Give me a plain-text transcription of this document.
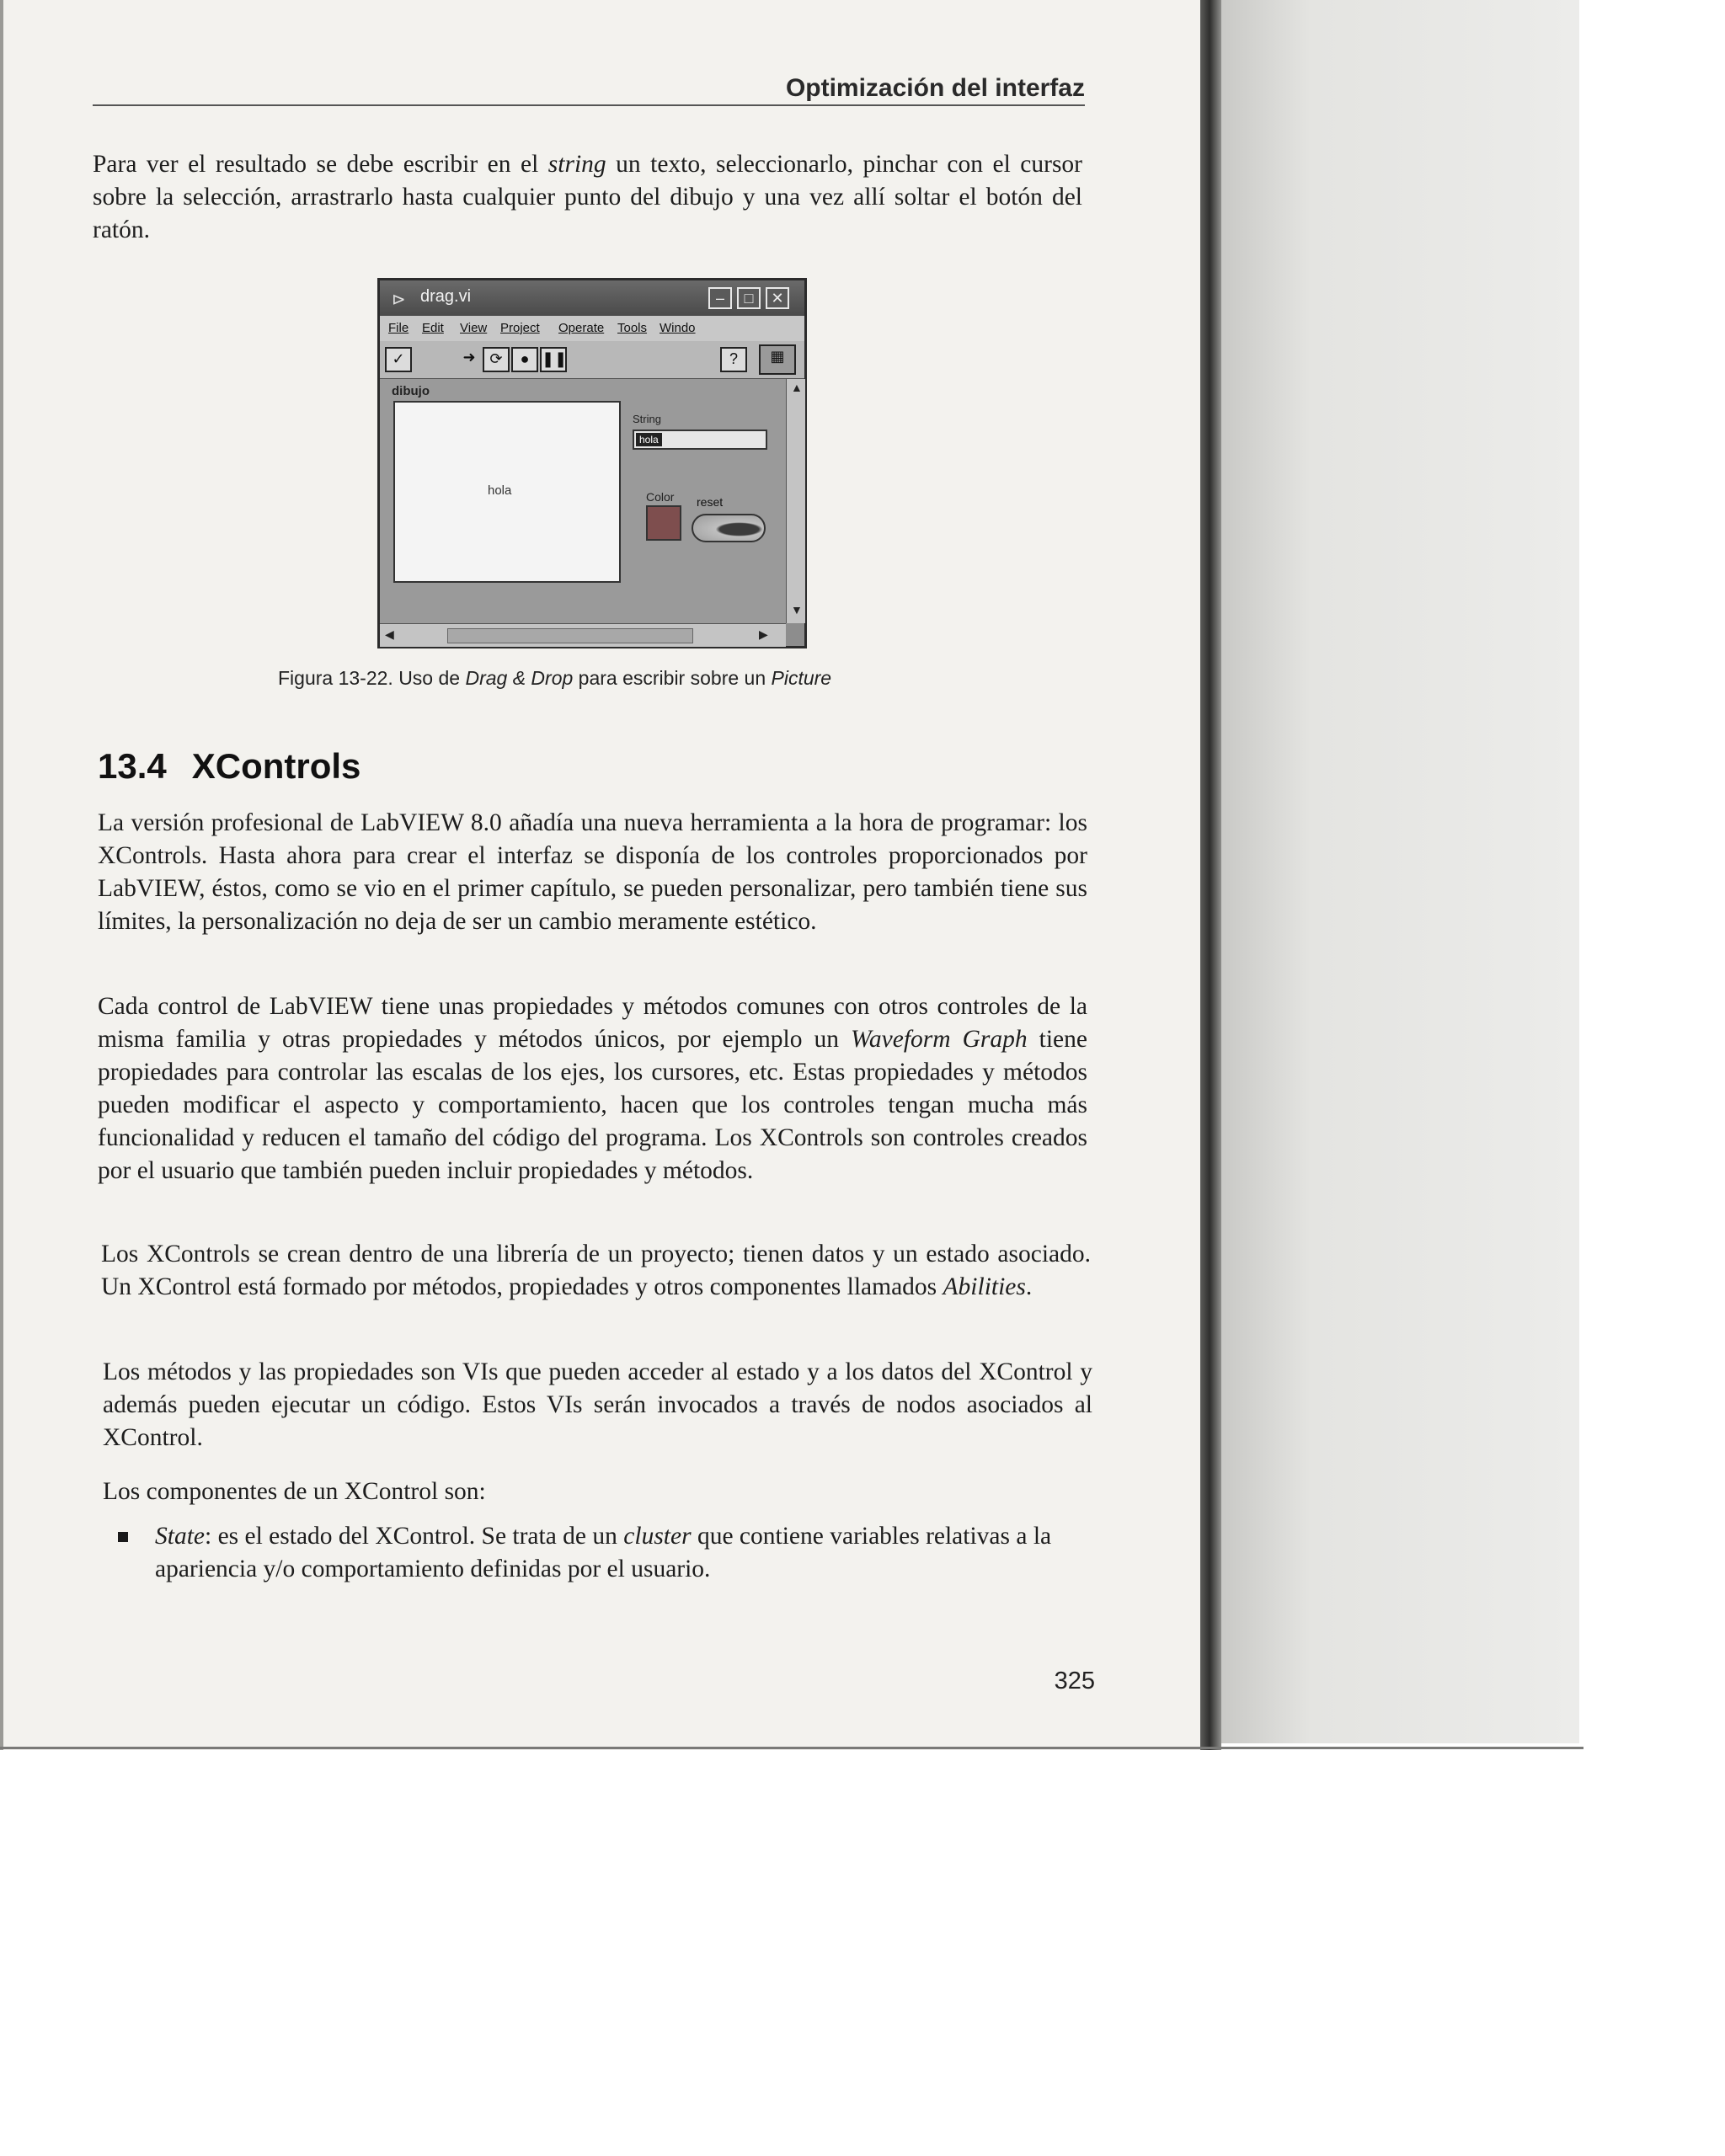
Optimización del interfaz

Para ver el resultado se debe escribir en el string un texto, seleccionarlo, pinchar con el cursor sobre la selección, arrastrarlo hasta cualquier punto del dibujo y una vez allí soltar el botón del ratón.

⊳ drag.vi	–	□	✕
File Edit View Project Operate Tools Windo
✓	➜ ⟳	● ❚❚	?	▦
dibujo
hola
String
hola
Color reset
▲
▼
◀	▶
Figura 13-22. Uso de Drag & Drop para escribir sobre un Picture
13.4 XControls

La versión profesional de LabVIEW 8.0 añadía una nueva herramienta a la hora de programar: los XControls. Hasta ahora para crear el interfaz se disponía de los controles proporcionados por LabVIEW, éstos, como se vio en el primer capítulo, se pueden personalizar, pero también tiene sus límites, la personalización no deja de ser un cambio meramente estético.

Cada control de LabVIEW tiene unas propiedades y métodos comunes con otros controles de la misma familia y otras propiedades y métodos únicos, por ejemplo un Waveform Graph tiene propiedades para controlar las escalas de los ejes, los cursores, etc. Estas propiedades y métodos pueden modificar el aspecto y comportamiento, hacen que los controles tengan mucha más funcionalidad y reducen el tamaño del código del programa. Los XControls son controles creados por el usuario que también pueden incluir propiedades y métodos.

Los XControls se crean dentro de una librería de un proyecto; tienen datos y un estado asociado. Un XControl está formado por métodos, propiedades y otros componentes llamados Abilities.

Los métodos y las propiedades son VIs que pueden acceder al estado y a los datos del XControl y además pueden ejecutar un código. Estos VIs serán invocados a través de nodos asociados al XControl.

Los componentes de un XControl son:

State: es el estado del XControl. Se trata de un cluster que contiene variables relativas a la apariencia y/o comportamiento definidas por el usuario.

325
